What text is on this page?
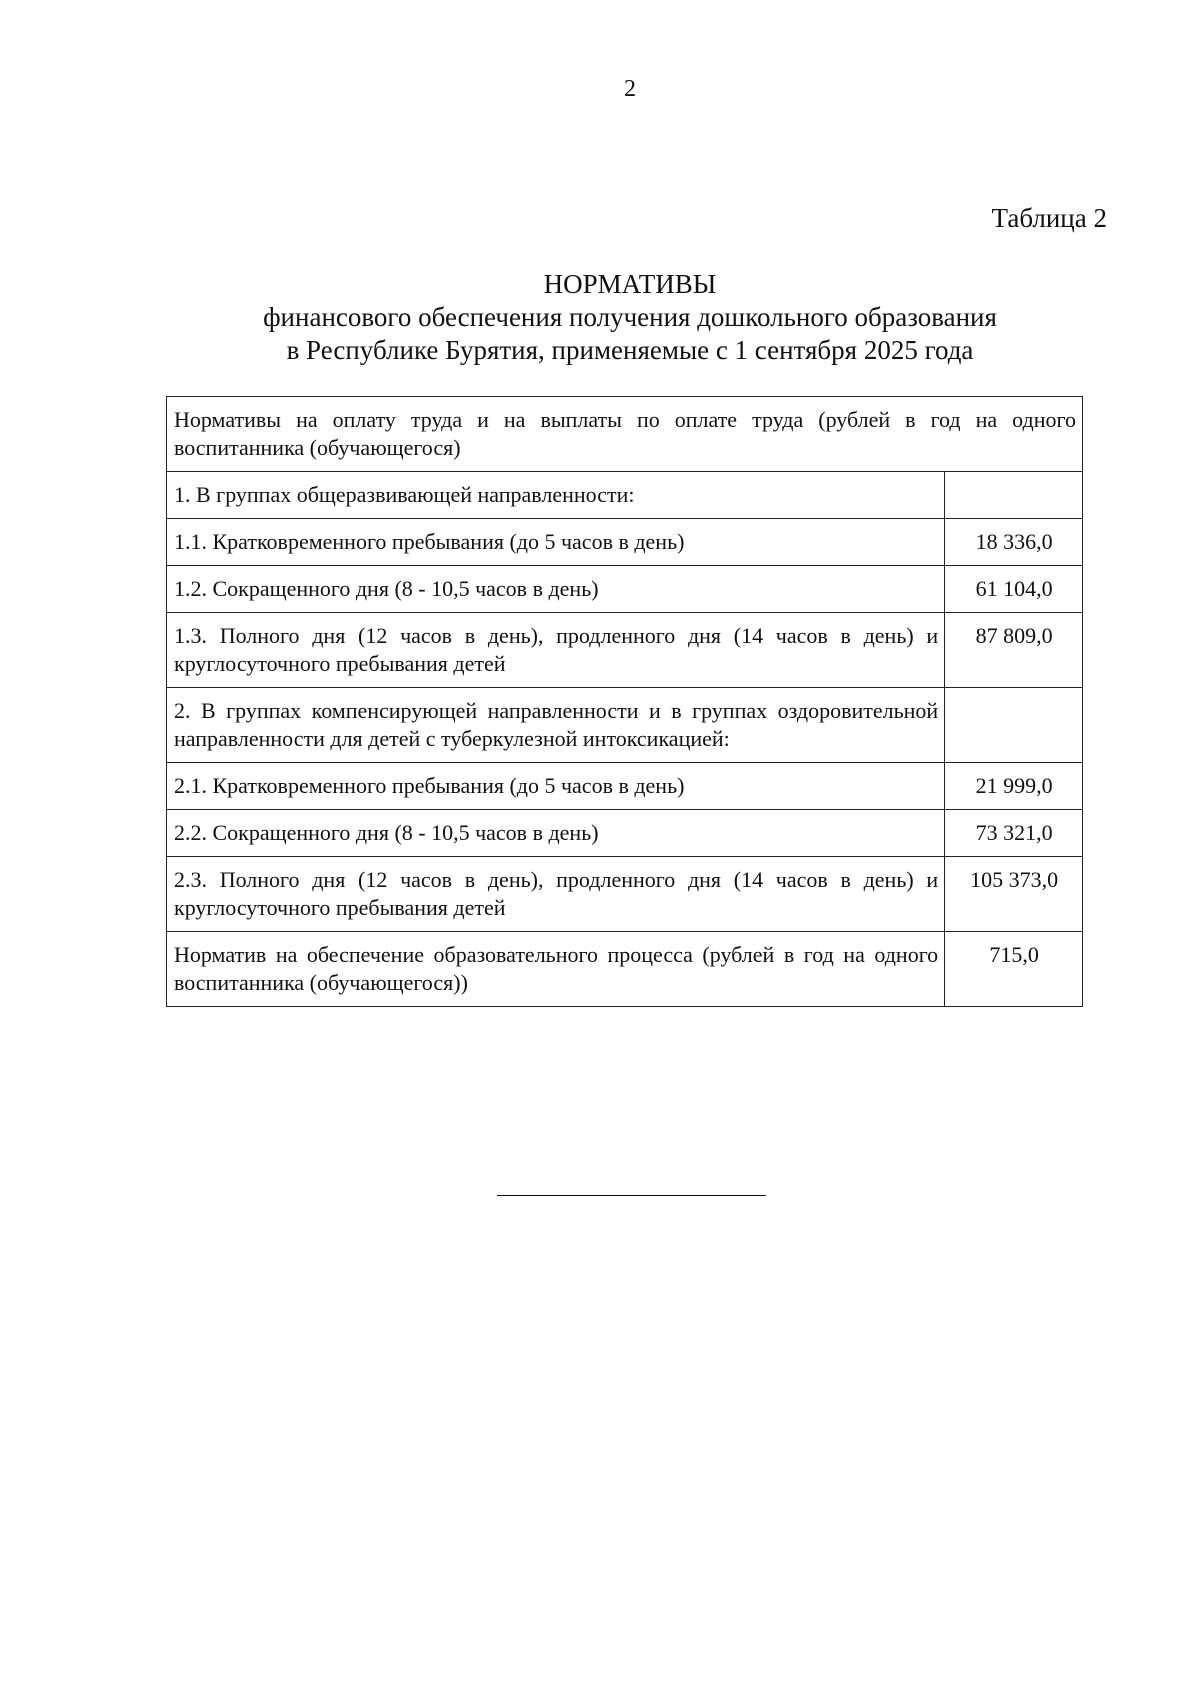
2
Таблица 2
НОРМАТИВЫ
финансового обеспечения получения дошкольного образования
в Республике Бурятия, применяемые с 1 сентября 2025 года
Нормативы на оплату труда и на выплаты по оплате труда (рублей в год на одного воспитанника (обучающегося)	
1. В группах общеразвивающей направленности:	
1.1. Кратковременного пребывания (до 5 часов в день)	18 336,0
1.2. Сокращенного дня (8 - 10,5 часов в день)	61 104,0
1.3. Полного дня (12 часов в день), продленного дня (14 часов в день) и круглосуточного пребывания детей	87 809,0
2. В группах компенсирующей направленности и в группах оздоровительной направленности для детей с туберкулезной интоксикацией:	
2.1. Кратковременного пребывания (до 5 часов в день)	21 999,0
2.2. Сокращенного дня (8 - 10,5 часов в день)	73 321,0
2.3. Полного дня (12 часов в день), продленного дня (14 часов в день) и круглосуточного пребывания детей	105 373,0
Норматив на обеспечение образовательного процесса (рублей в год на одного воспитанника (обучающегося))	715,0
